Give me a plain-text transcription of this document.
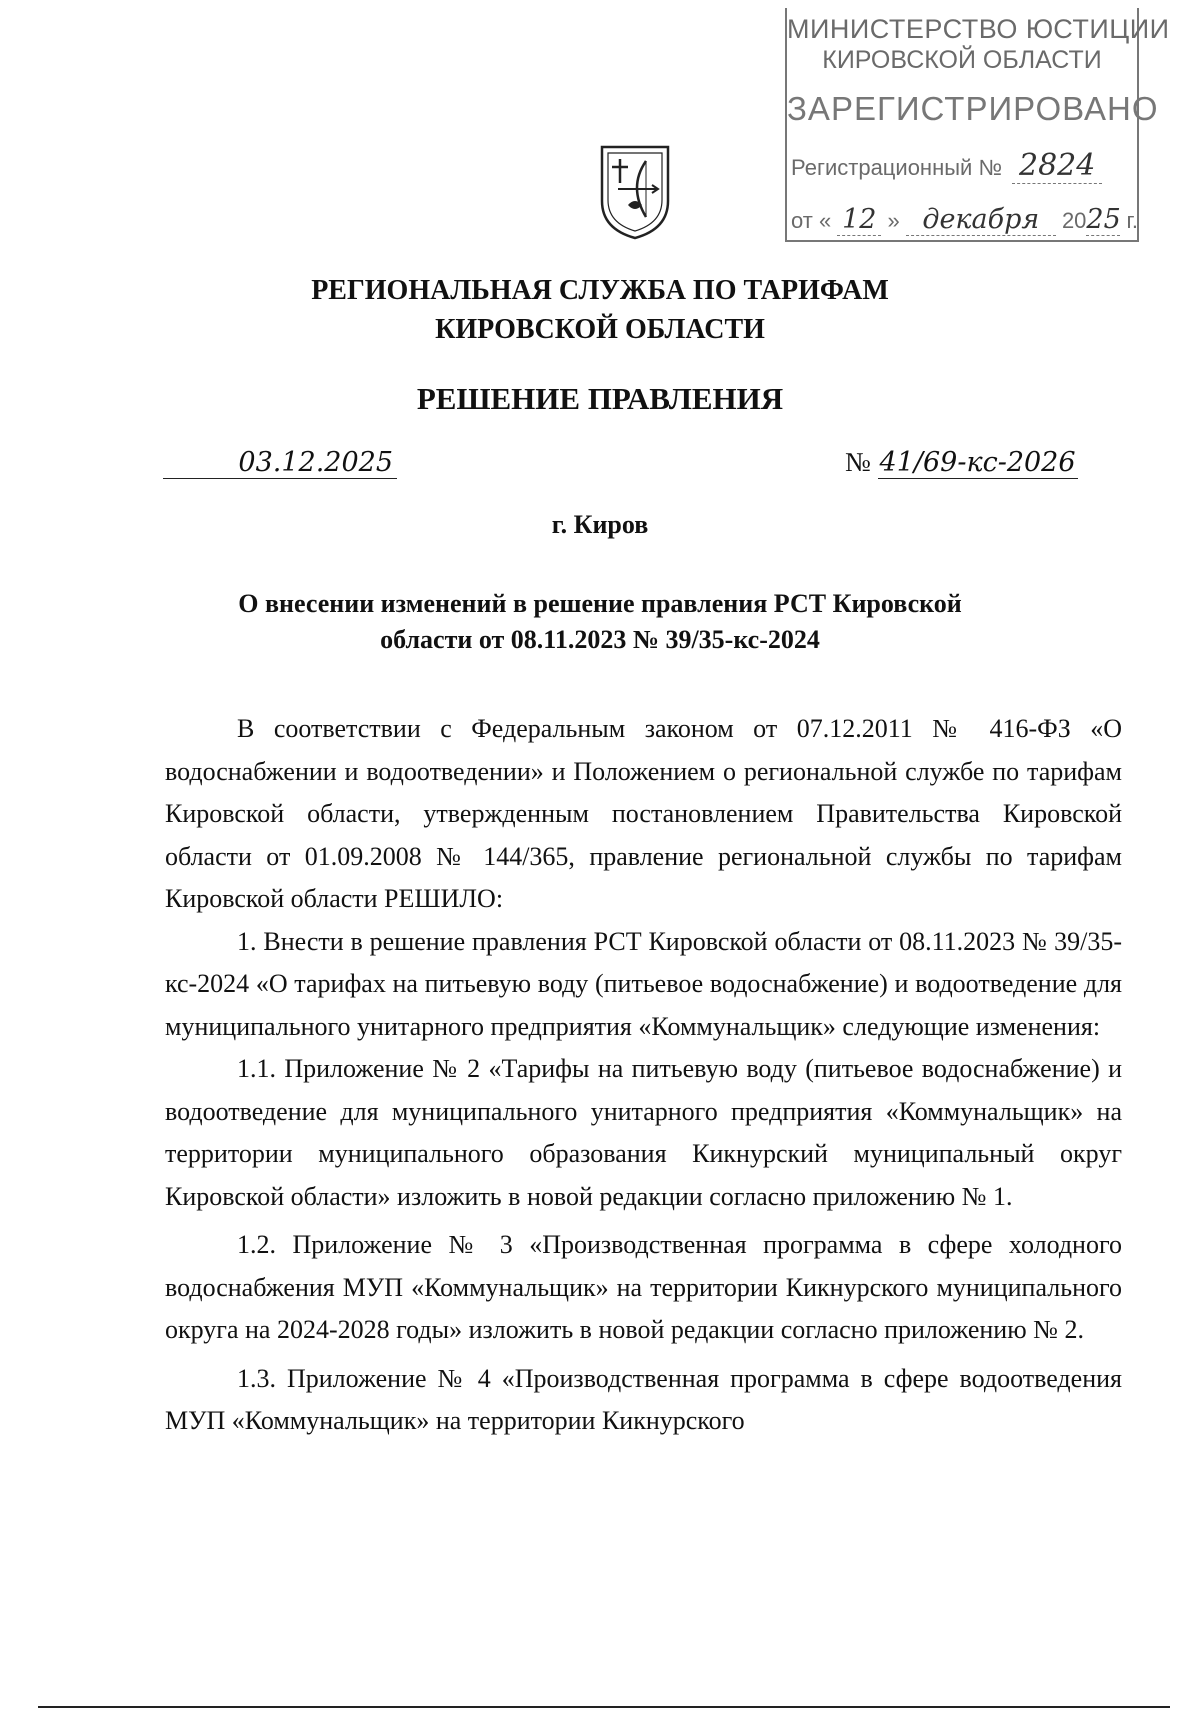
МИНИСТЕРСТВО ЮСТИЦИИ
КИРОВСКОЙ ОБЛАСТИ
ЗАРЕГИСТРИРОВАНО
Регистрационный № 2824
от « 12 » декабря 2025 г.
РЕГИОНАЛЬНАЯ СЛУЖБА ПО ТАРИФАМ
КИРОВСКОЙ ОБЛАСТИ
РЕШЕНИЕ ПРАВЛЕНИЯ
03.12.2025	№ 41/69-кс-2026
г. Киров
О внесении изменений в решение правления РСТ Кировской
области от 08.11.2023 № 39/35-кс-2024

В соответствии с Федеральным законом от 07.12.2011 № 416-ФЗ «О водоснабжении и водоотведении» и Положением о региональной службе по тарифам Кировской области, утвержденным постановлением Правительства Кировской области от 01.09.2008 № 144/365, правление региональной службы по тарифам Кировской области РЕШИЛО:

1. Внести в решение правления РСТ Кировской области от 08.11.2023 № 39/35-кс-2024 «О тарифах на питьевую воду (питьевое водоснабжение) и водоотведение для муниципального унитарного предприятия «Коммунальщик» следующие изменения:

1.1. Приложение № 2 «Тарифы на питьевую воду (питьевое водоснабжение) и водоотведение для муниципального унитарного предприятия «Коммунальщик» на территории муниципального образования Кикнурский муниципальный округ Кировской области» изложить в новой редакции согласно приложению № 1.

1.2. Приложение № 3 «Производственная программа в сфере холодного водоснабжения МУП «Коммунальщик» на территории Кикнурского муниципального округа на 2024-2028 годы» изложить в новой редакции согласно приложению № 2.

1.3. Приложение № 4 «Производственная программа в сфере водоотведения МУП «Коммунальщик» на территории Кикнурского
